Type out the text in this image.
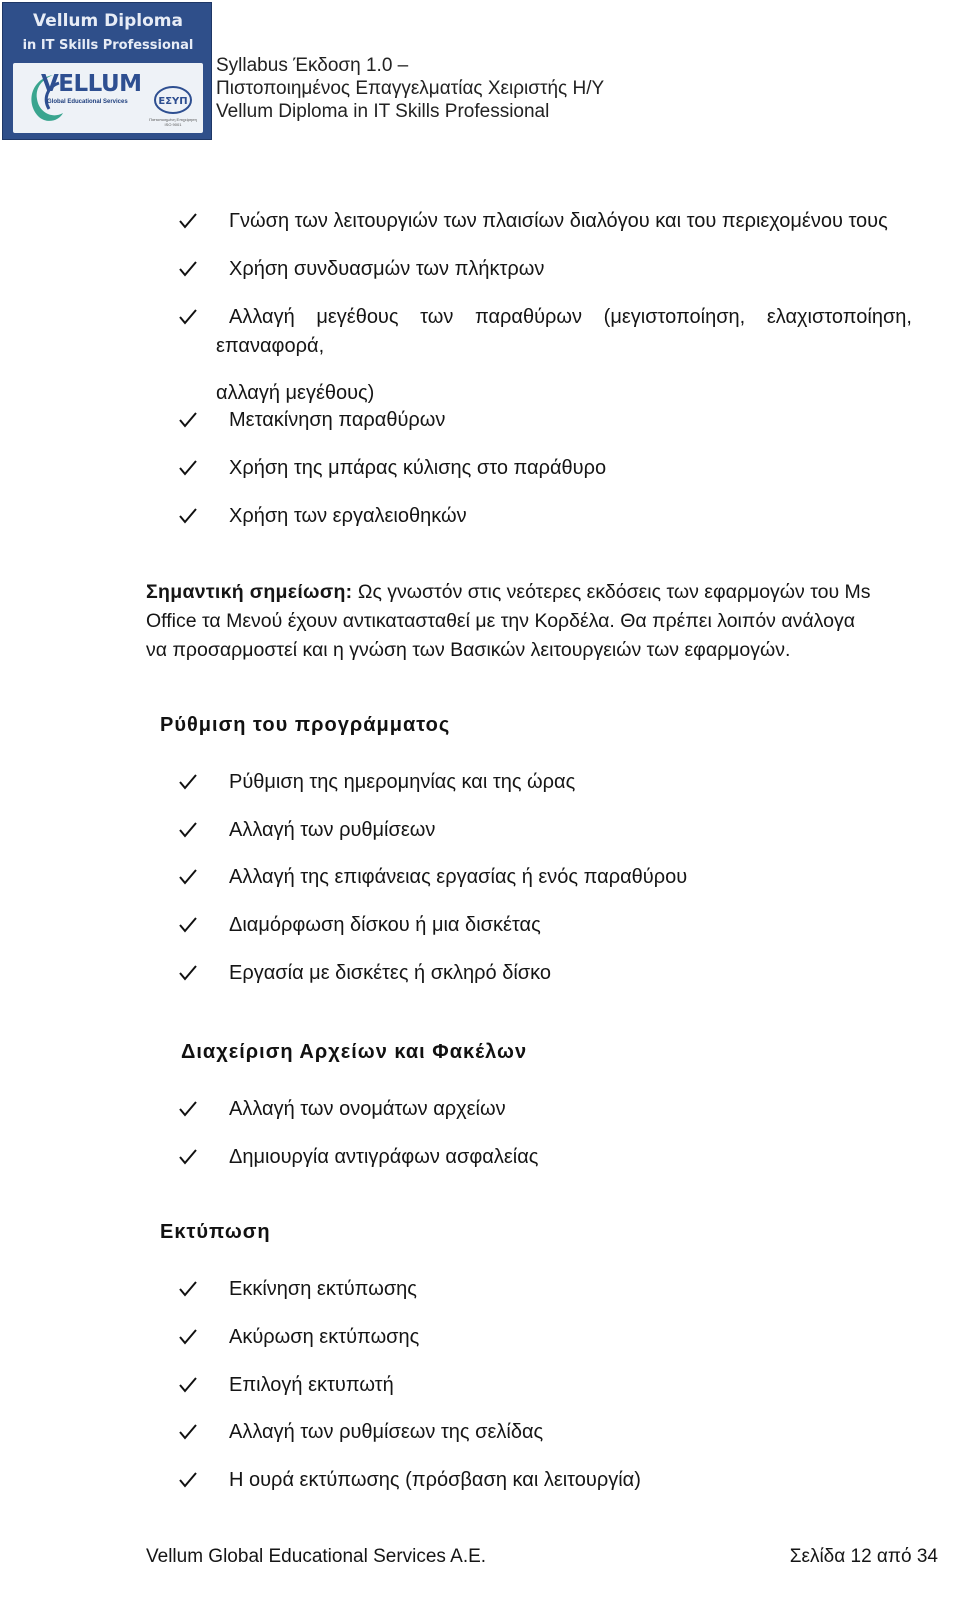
Vellum Diploma
in IT Skills Professional
VELLUM
Global Educational Services	ΕΣΥΠ
Πιστοποιημένη Επιχείρηση ISO 9001
Syllabus Έκδοση 1.0 –
Πιστοποιημένος Επαγγελματίας Χειριστής Η/Υ
Vellum Diploma in IT Skills Professional
Γνώση των λειτουργιών των πλαισίων διαλόγου και του περιεχομένου τους
Χρήση συνδυασμών των πλήκτρων
Αλλαγή μεγέθους των παραθύρων (μεγιστοποίηση, ελαχιστοποίηση,
επαναφορά,
αλλαγή μεγέθους)
Μετακίνηση παραθύρων
Χρήση της μπάρας κύλισης στο παράθυρο
Χρήση των εργαλειοθηκών
Σημαντική σημείωση: Ως γνωστόν στις νεότερες εκδόσεις των εφαρμογών του Ms
Office τα Μενού έχουν αντικατασταθεί με την Κορδέλα. Θα πρέπει λοιπόν ανάλογα
να προσαρμοστεί και η γνώση των Βασικών λειτουργειών των εφαρμογών.
Ρύθμιση του προγράμματος
Ρύθμιση της ημερομηνίας και της ώρας
Αλλαγή των ρυθμίσεων
Αλλαγή της επιφάνειας εργασίας ή ενός παραθύρου
Διαμόρφωση δίσκου ή μια δισκέτας
Εργασία με δισκέτες ή σκληρό δίσκο
Διαχείριση Αρχείων και Φακέλων
Αλλαγή των ονομάτων αρχείων
Δημιουργία αντιγράφων ασφαλείας
Εκτύπωση
Εκκίνηση εκτύπωσης
Ακύρωση εκτύπωσης
Επιλογή εκτυπωτή
Αλλαγή των ρυθμίσεων της σελίδας
Η ουρά εκτύπωσης (πρόσβαση και λειτουργία)
Vellum Global Educational Services A.E.	Σελίδα 12 από 34
